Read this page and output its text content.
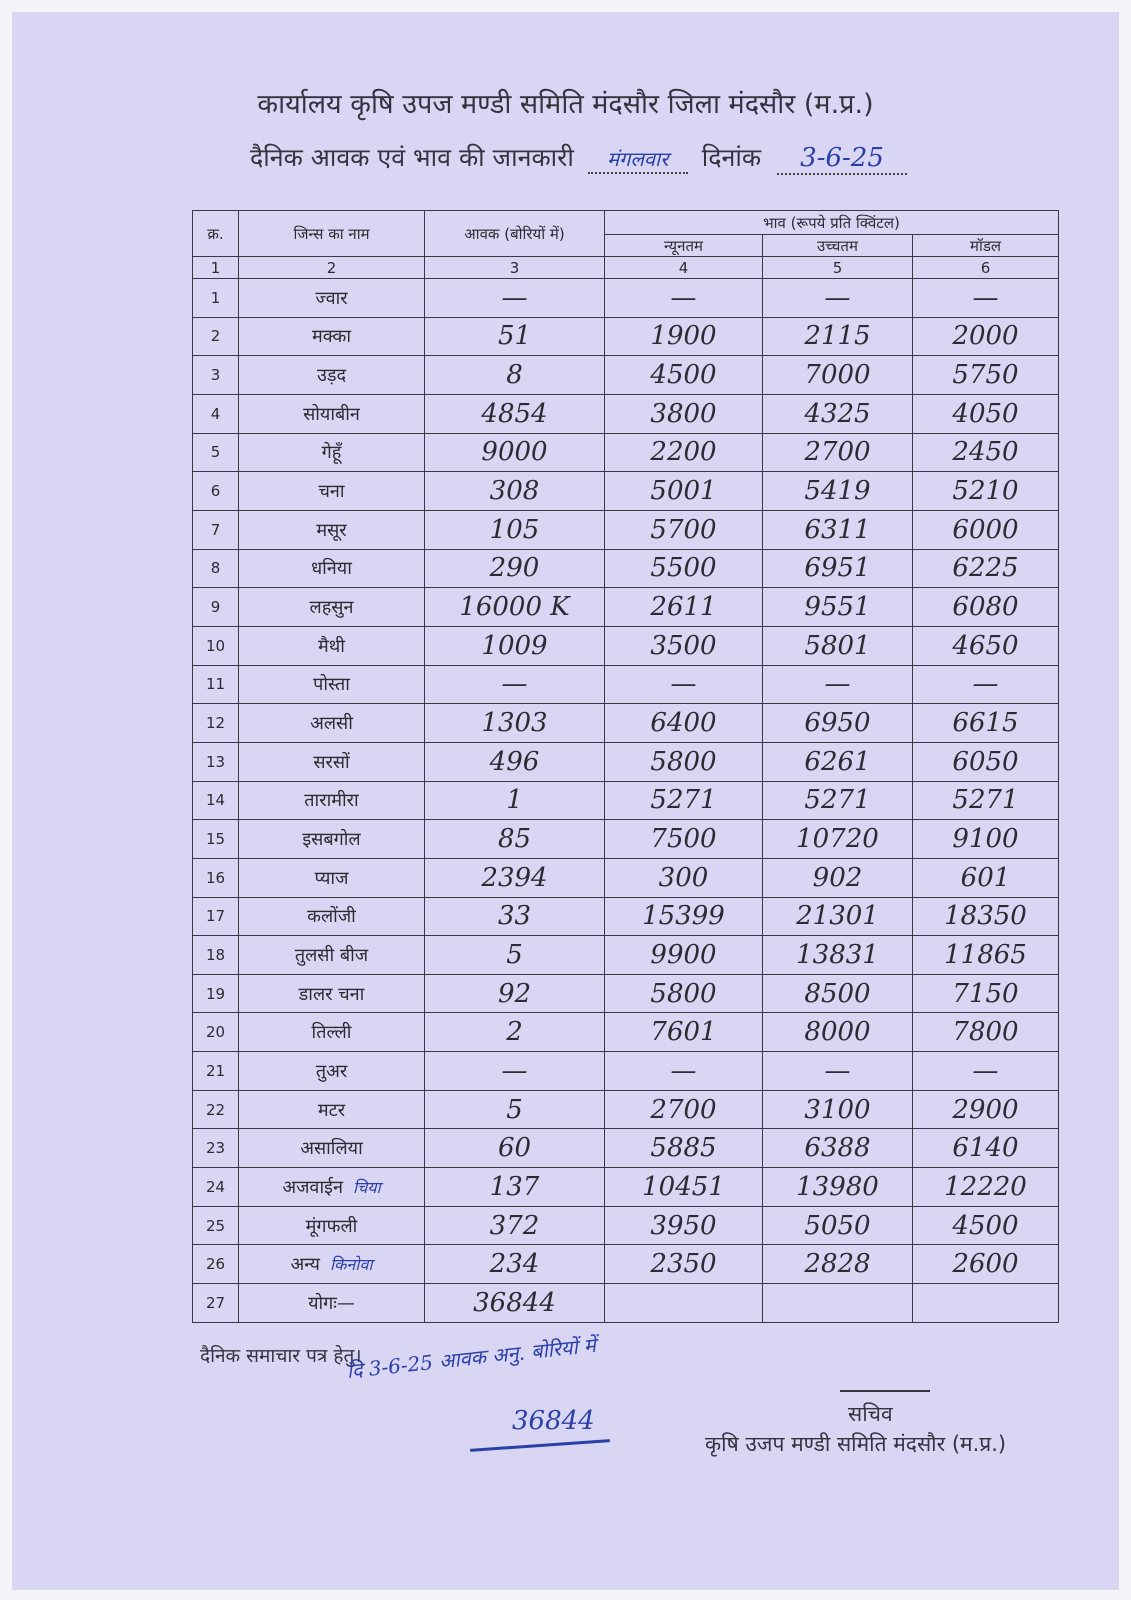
कार्यालय कृषि उपज मण्डी समिति मंदसौर जिला मंदसौर (म.प्र.)
दैनिक आवक एवं भाव की जानकारी मंगलवार दिनांक 3-6-25
क्र.	जिन्स का नाम	आवक (बोरियों में)	भाव (रूपये प्रति क्विंटल)		
			न्यूनतम	उच्चतम	मॉडल
1	2	3	4	5	6
1	ज्वार	—	—	—	—
2	मक्का	51	1900	2115	2000
3	उड़द	8	4500	7000	5750
4	सोयाबीन	4854	3800	4325	4050
5	गेहूँ	9000	2200	2700	2450
6	चना	308	5001	5419	5210
7	मसूर	105	5700	6311	6000
8	धनिया	290	5500	6951	6225
9	लहसुन	16000 K	2611	9551	6080
10	मैथी	1009	3500	5801	4650
11	पोस्ता	—	—	—	—
12	अलसी	1303	6400	6950	6615
13	सरसों	496	5800	6261	6050
14	तारामीरा	1	5271	5271	5271
15	इसबगोल	85	7500	10720	9100
16	प्याज	2394	300	902	601
17	कलोंजी	33	15399	21301	18350
18	तुलसी बीज	5	9900	13831	11865
19	डालर चना	92	5800	8500	7150
20	तिल्ली	2	7601	8000	7800
21	तुअर	—	—	—	—
22	मटर	5	2700	3100	2900
23	असालिया	60	5885	6388	6140
24	अजवाईन चिया	137	10451	13980	12220
25	मूंगफली	372	3950	5050	4500
26	अन्य किनोवा	234	2350	2828	2600
27	योगः—	36844			
दैनिक समाचार पत्र हेतु।
दि 3-6-25 आवक अनु. बोरियों में
36844	सचिव
कृषि उजप मण्डी समिति मंदसौर (म.प्र.)
